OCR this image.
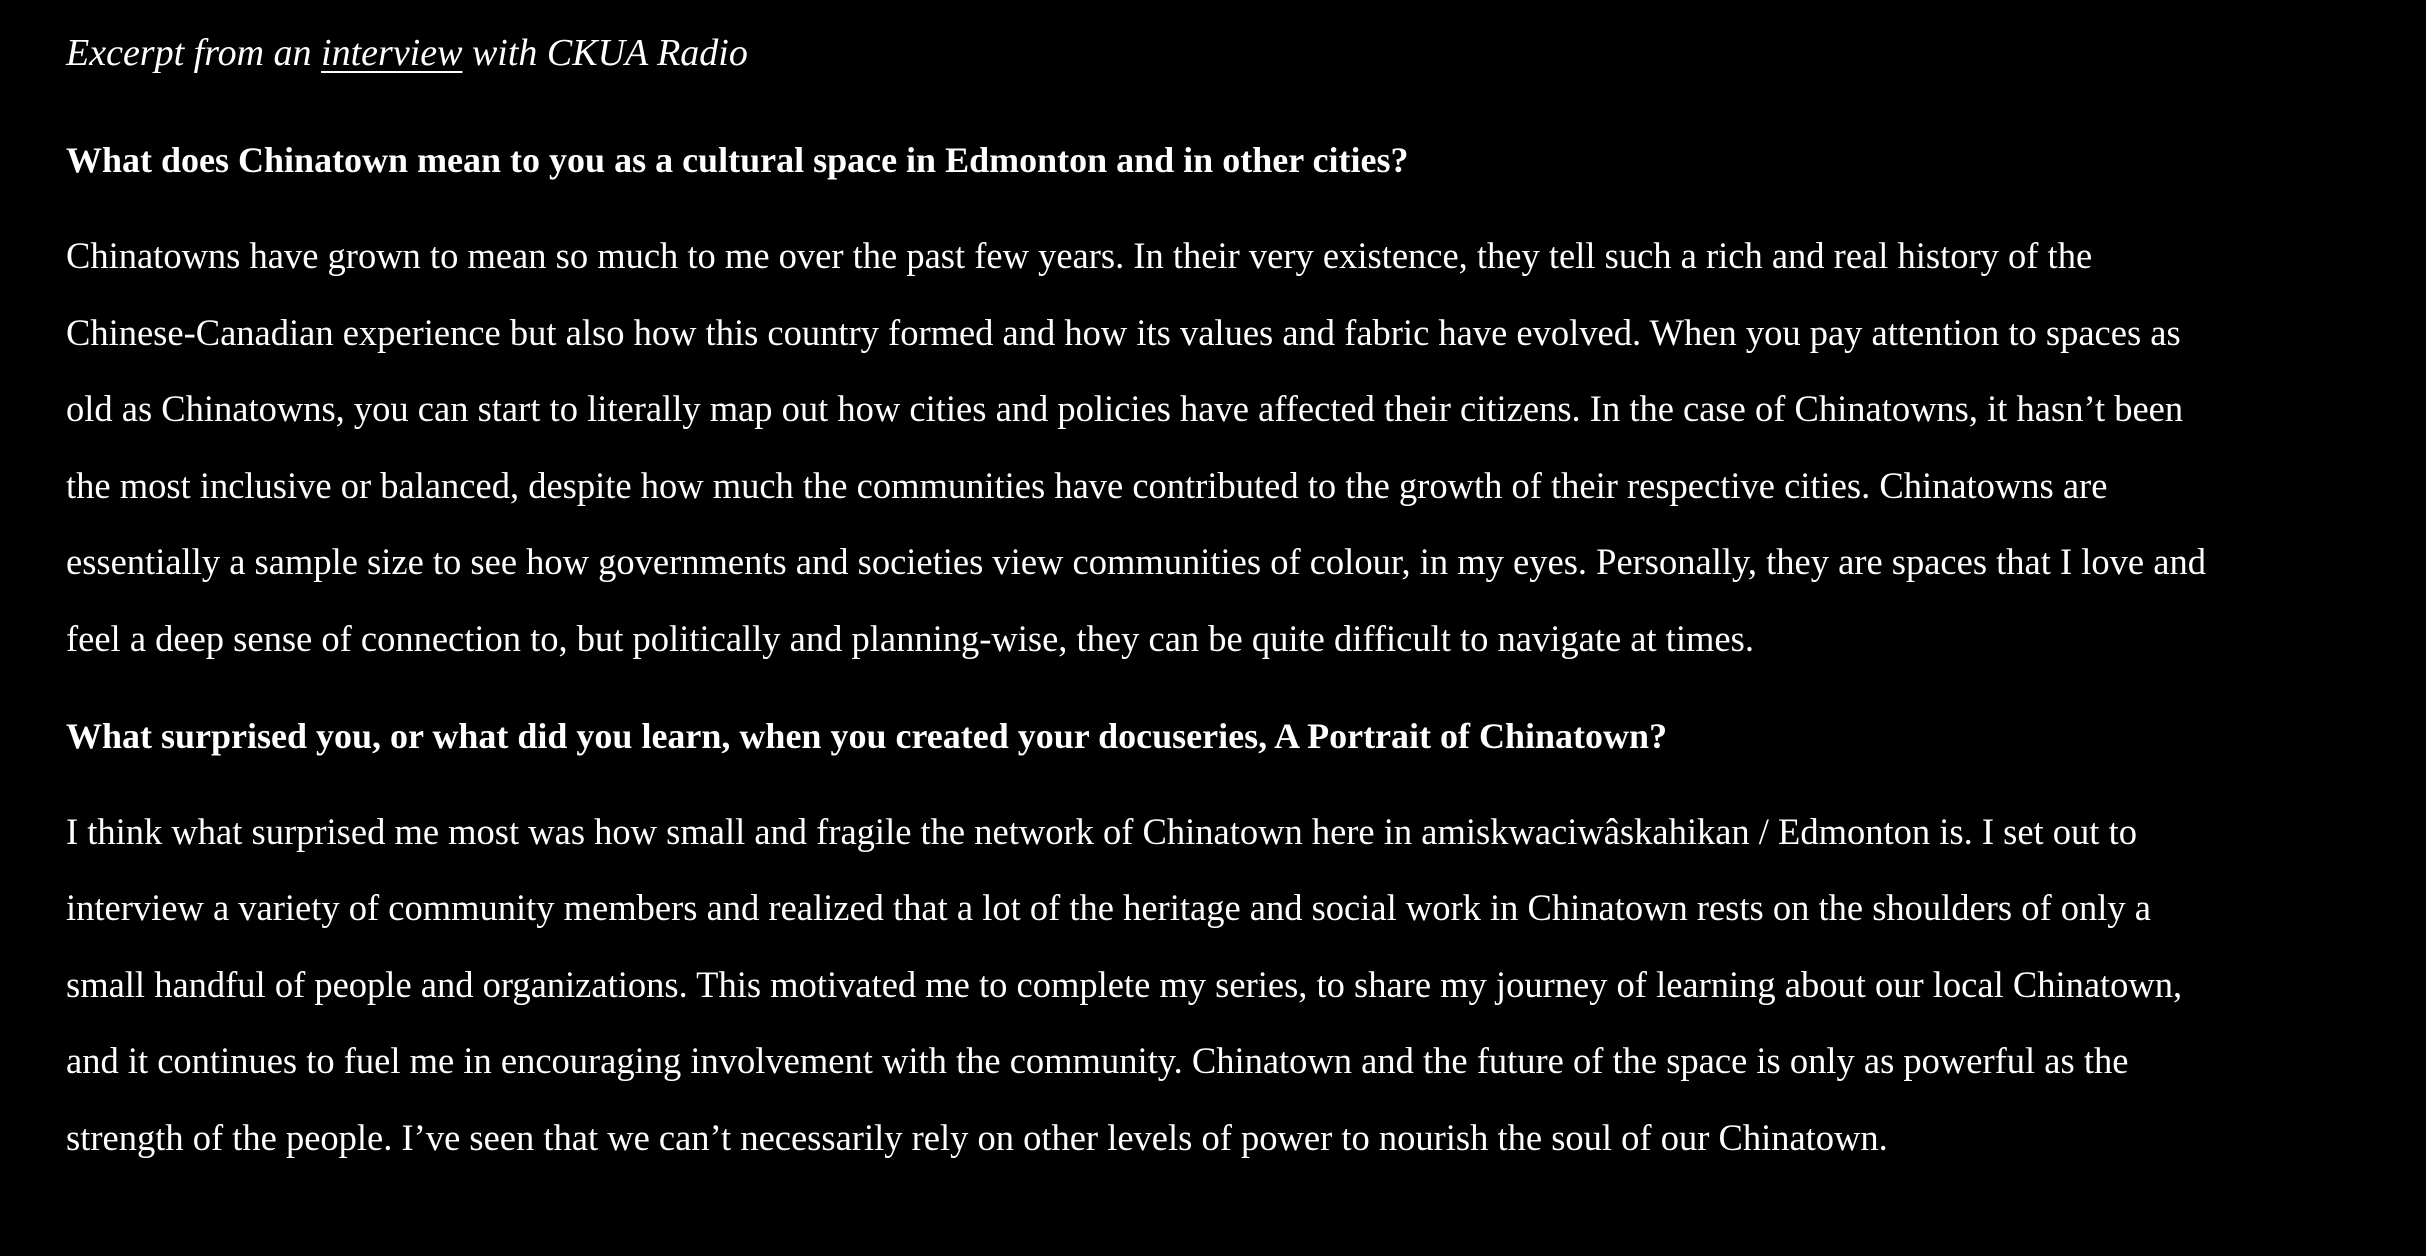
Excerpt from an interview with CKUA Radio

What does Chinatown mean to you as a cultural space in Edmonton and in other cities?

Chinatowns have grown to mean so much to me over the past few years. In their very existence, they tell such a rich and real history of the
Chinese-Canadian experience but also how this country formed and how its values and fabric have evolved. When you pay attention to spaces as
old as Chinatowns, you can start to literally map out how cities and policies have affected their citizens. In the case of Chinatowns, it hasn’t been
the most inclusive or balanced, despite how much the communities have contributed to the growth of their respective cities. Chinatowns are
essentially a sample size to see how governments and societies view communities of colour, in my eyes. Personally, they are spaces that I love and
feel a deep sense of connection to, but politically and planning-wise, they can be quite difficult to navigate at times.

What surprised you, or what did you learn, when you created your docuseries, A Portrait of Chinatown?

I think what surprised me most was how small and fragile the network of Chinatown here in amiskwaciwâskahikan / Edmonton is. I set out to
interview a variety of community members and realized that a lot of the heritage and social work in Chinatown rests on the shoulders of only a
small handful of people and organizations. This motivated me to complete my series, to share my journey of learning about our local Chinatown,
and it continues to fuel me in encouraging involvement with the community. Chinatown and the future of the space is only as powerful as the
strength of the people. I’ve seen that we can’t necessarily rely on other levels of power to nourish the soul of our Chinatown.
